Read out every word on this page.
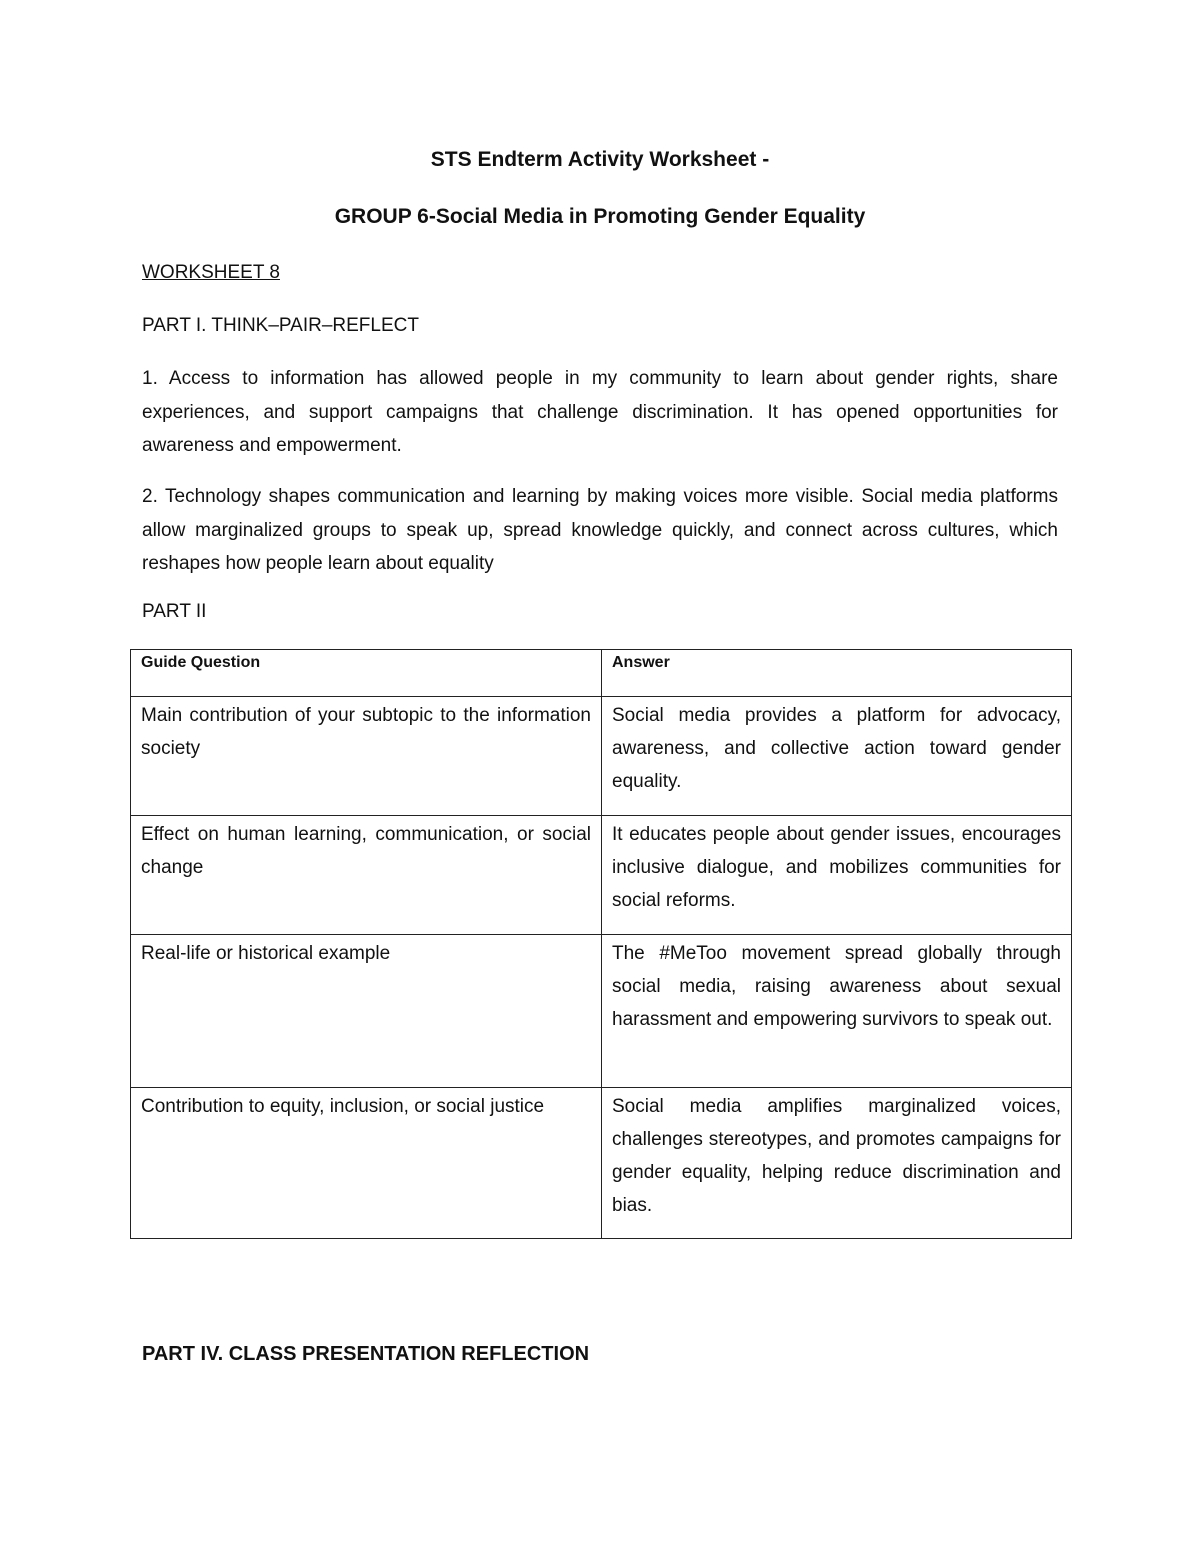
STS Endterm Activity Worksheet -
GROUP 6-Social Media in Promoting Gender Equality
WORKSHEET 8
PART I. THINK–PAIR–REFLECT
1. Access to information has allowed people in my community to learn about gender rights, share experiences, and support campaigns that challenge discrimination. It has opened opportunities for awareness and empowerment.
2. Technology shapes communication and learning by making voices more visible. Social media platforms allow marginalized groups to speak up, spread knowledge quickly, and connect across cultures, which reshapes how people learn about equality
PART II
Guide Question	Answer
Main contribution of your subtopic to the information society	Social media provides a platform for advocacy, awareness, and collective action toward gender equality.
Effect on human learning, communication, or social change	It educates people about gender issues, encourages inclusive dialogue, and mobilizes communities for social reforms.
Real-life or historical example	The #MeToo movement spread globally through social media, raising awareness about sexual harassment and empowering survivors to speak out.
Contribution to equity, inclusion, or social justice	Social media amplifies marginalized voices, challenges stereotypes, and promotes campaigns for gender equality, helping reduce discrimination and bias.
PART IV. CLASS PRESENTATION REFLECTION
